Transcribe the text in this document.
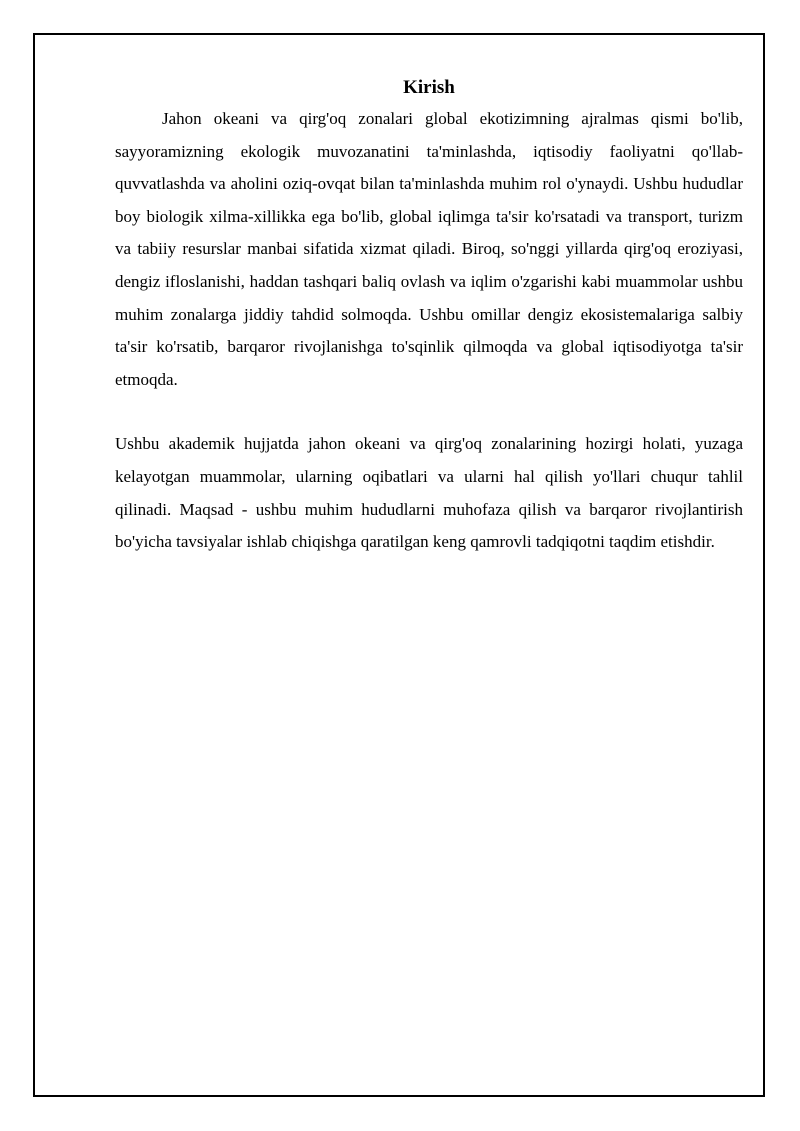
Kirish

Jahon okeani va qirg'oq zonalari global ekotizimning ajralmas qismi bo'lib, sayyoramizning ekologik muvozanatini ta'minlashda, iqtisodiy faoliyatni qo'llab-quvvatlashda va aholini oziq-ovqat bilan ta'minlashda muhim rol o'ynaydi. Ushbu hududlar boy biologik xilma-xillikka ega bo'lib, global iqlimga ta'sir ko'rsatadi va transport, turizm va tabiiy resurslar manbai sifatida xizmat qiladi. Biroq, so'nggi yillarda qirg'oq eroziyasi, dengiz ifloslanishi, haddan tashqari baliq ovlash va iqlim o'zgarishi kabi muammolar ushbu muhim zonalarga jiddiy tahdid solmoqda. Ushbu omillar dengiz ekosistemalariga salbiy ta'sir ko'rsatib, barqaror rivojlanishga to'sqinlik qilmoqda va global iqtisodiyotga ta'sir etmoqda.

Ushbu akademik hujjatda jahon okeani va qirg'oq zonalarining hozirgi holati, yuzaga kelayotgan muammolar, ularning oqibatlari va ularni hal qilish yo'llari chuqur tahlil qilinadi. Maqsad - ushbu muhim hududlarni muhofaza qilish va barqaror rivojlantirish bo'yicha tavsiyalar ishlab chiqishga qaratilgan keng qamrovli tadqiqotni taqdim etishdir.
